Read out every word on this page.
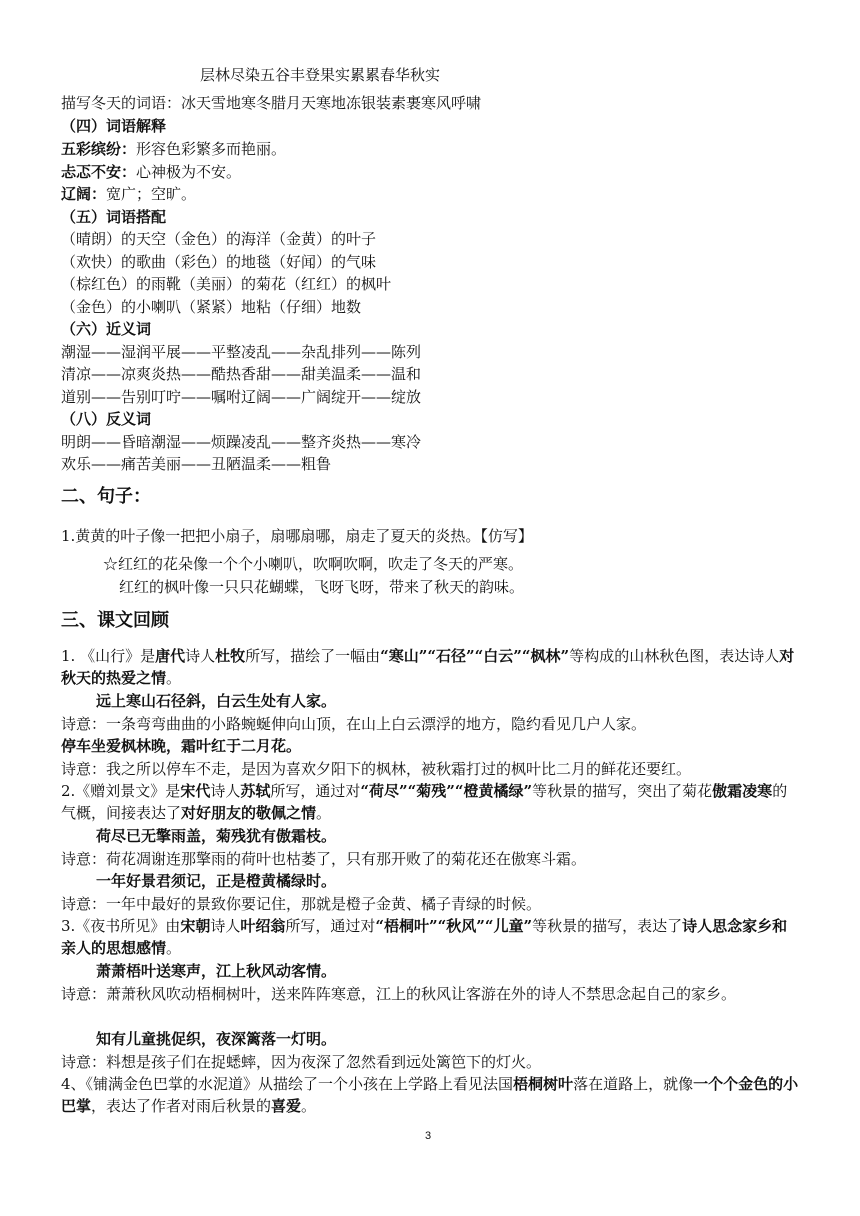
层林尽染五谷丰登果实累累春华秋实
描写冬天的词语：冰天雪地寒冬腊月天寒地冻银装素裹寒风呼啸
（四）词语解释
五彩缤纷：形容色彩繁多而艳丽。
忐忑不安：心神极为不安。
辽阔：宽广；空旷。
（五）词语搭配
（晴朗）的天空（金色）的海洋（金黄）的叶子
（欢快）的歌曲（彩色）的地毯（好闻）的气味
（棕红色）的雨靴（美丽）的菊花（红红）的枫叶
（金色）的小喇叭（紧紧）地粘（仔细）地数
（六）近义词
潮湿——湿润平展——平整凌乱——杂乱排列——陈列
清凉——凉爽炎热——酷热香甜——甜美温柔——温和
道别——告别叮咛——嘱咐辽阔——广阔绽开——绽放
（八）反义词
明朗——昏暗潮湿——烦躁凌乱——整齐炎热——寒冷
欢乐——痛苦美丽——丑陋温柔——粗鲁
二、句子：
1.黄黄的叶子像一把把小扇子，扇哪扇哪，扇走了夏天的炎热。【仿写】
☆红红的花朵像一个个小喇叭，吹啊吹啊，吹走了冬天的严寒。
红红的枫叶像一只只花蝴蝶，飞呀飞呀，带来了秋天的韵味。
三、课文回顾
1. 《山行》是唐代诗人杜牧所写，描绘了一幅由“寒山”“石径”“白云”“枫林”等构成的山林秋色图，表达诗人对秋天的热爱之情。
远上寒山石径斜，白云生处有人家。
诗意：一条弯弯曲曲的小路蜿蜒伸向山顶，在山上白云漂浮的地方，隐约看见几户人家。
停车坐爱枫林晚，霜叶红于二月花。
诗意：我之所以停车不走，是因为喜欢夕阳下的枫林，被秋霜打过的枫叶比二月的鲜花还要红。
2.《赠刘景文》是宋代诗人苏轼所写，通过对“荷尽”“菊残”“橙黄橘绿”等秋景的描写，突出了菊花傲霜凌寒的气概，间接表达了对好朋友的敬佩之情。
荷尽已无擎雨盖，菊残犹有傲霜枝。
诗意：荷花凋谢连那擎雨的荷叶也枯萎了，只有那开败了的菊花还在傲寒斗霜。
一年好景君须记，正是橙黄橘绿时。
诗意：一年中最好的景致你要记住，那就是橙子金黄、橘子青绿的时候。
3.《夜书所见》由宋朝诗人叶绍翁所写，通过对“梧桐叶”“秋风”“儿童”等秋景的描写，表达了诗人思念家乡和亲人的思想感情。
萧萧梧叶送寒声，江上秋风动客情。
诗意：萧萧秋风吹动梧桐树叶，送来阵阵寒意，江上的秋风让客游在外的诗人不禁思念起自己的家乡。
知有儿童挑促织，夜深篱落一灯明。
诗意：料想是孩子们在捉蟋蟀，因为夜深了忽然看到远处篱笆下的灯火。
4、《铺满金色巴掌的水泥道》从描绘了一个小孩在上学路上看见法国梧桐树叶落在道路上，就像一个个金色的小巴掌，表达了作者对雨后秋景的喜爱。
3
